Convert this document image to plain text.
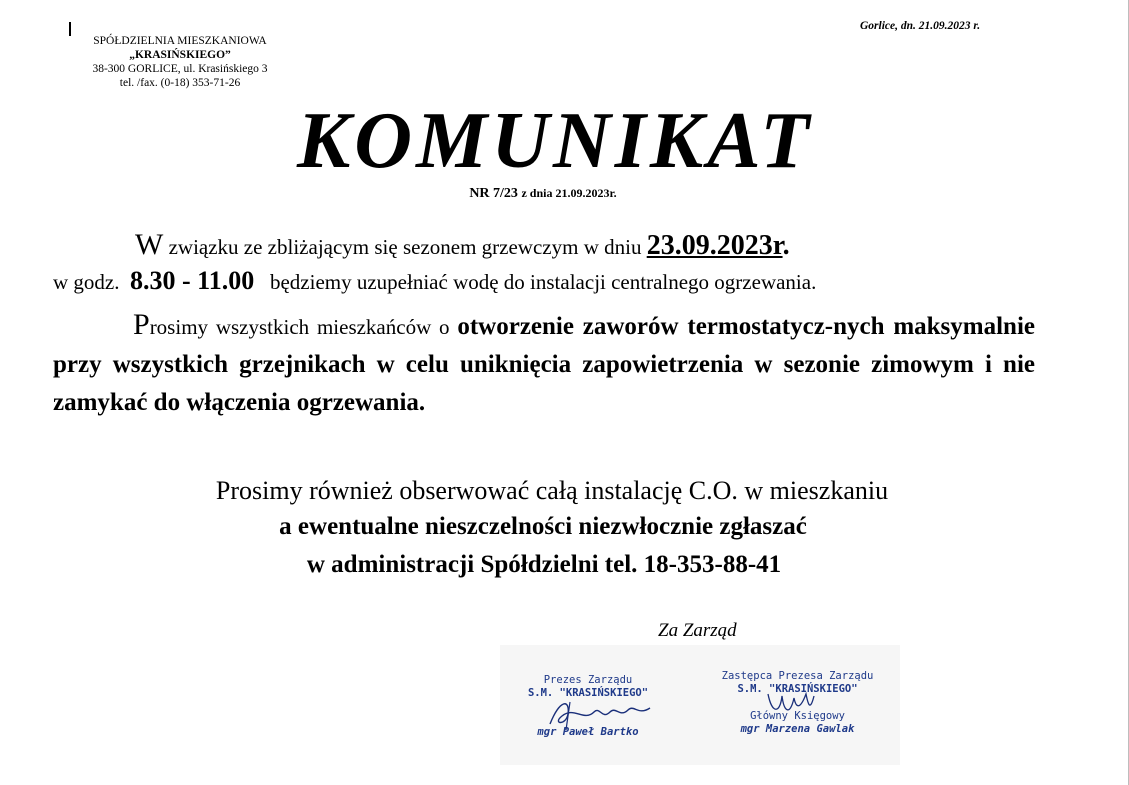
SPÓŁDZIELNIA MIESZKANIOWA
„KRASIŃSKIEGO”
38-300 GORLICE, ul. Krasińskiego 3
tel. /fax. (0-18) 353-71-26
Gorlice, dn. 21.09.2023 r.
KOMUNIKAT
NR 7/23 z dnia 21.09.2023r.
W związku ze zbliżającym się sezonem grzewczym w dniu 23.09.2023r.
w godz. 8.30 - 11.00 będziemy uzupełniać wodę do instalacji centralnego ogrzewania.
Prosimy wszystkich mieszkańców o otworzenie zaworów termostatycz-nych maksymalnie przy wszystkich grzejnikach w celu uniknięcia zapowietrzenia w sezonie zimowym i nie zamykać do włączenia ogrzewania.
Prosimy również obserwować całą instalację C.O. w mieszkaniu
a ewentualne nieszczelności niezwłocznie zgłaszać
w administracji Spółdzielni tel. 18-353-88-41
Za Zarząd
Prezes Zarządu
S.M. "KRASIŃSKIEGO"
mgr Paweł Bartko
Zastępca Prezesa Zarządu
S.M. "KRASIŃSKIEGO"
Główny Księgowy
mgr Marzena Gawlak
